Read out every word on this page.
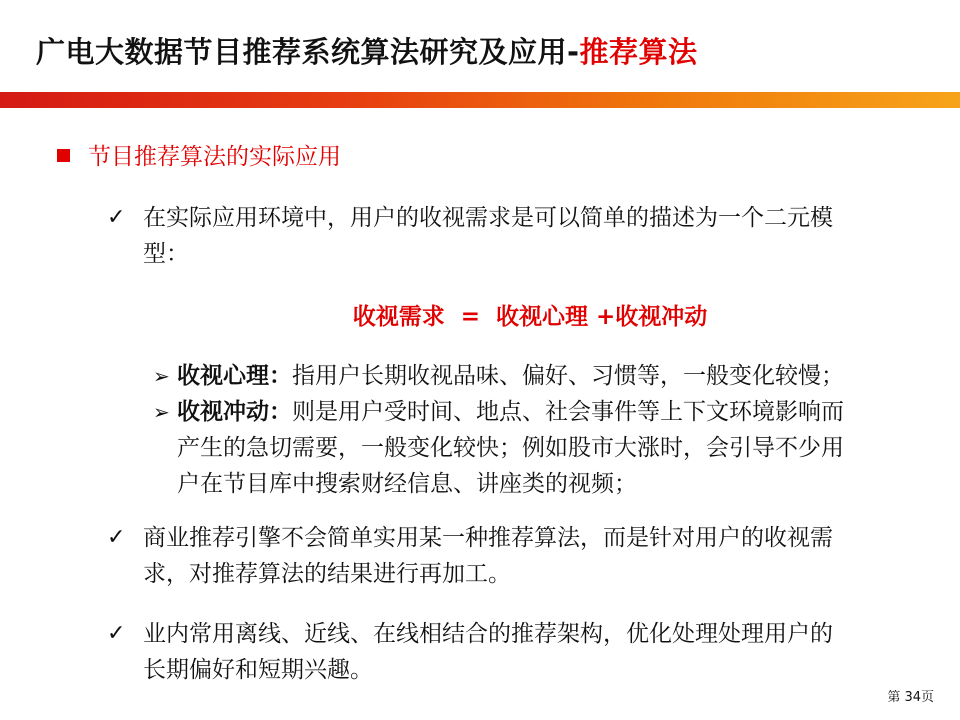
广电大数据节目推荐系统算法研究及应用-推荐算法
节目推荐算法的实际应用
✓ 在实际应用环境中，用户的收视需求是可以简单的描述为一个二元模
型：
收视需求  =  收视心理 +收视冲动
➢ 收视心理：指用户长期收视品味、偏好、习惯等，一般变化较慢；
➢ 收视冲动：则是用户受时间、地点、社会事件等上下文环境影响而
产生的急切需要，一般变化较快；例如股市大涨时，会引导不少用
户在节目库中搜索财经信息、讲座类的视频；
✓ 商业推荐引擎不会简单实用某一种推荐算法，而是针对用户的收视需
求，对推荐算法的结果进行再加工。
✓ 业内常用离线、近线、在线相结合的推荐架构，优化处理处理用户的
长期偏好和短期兴趣。
第 34页
